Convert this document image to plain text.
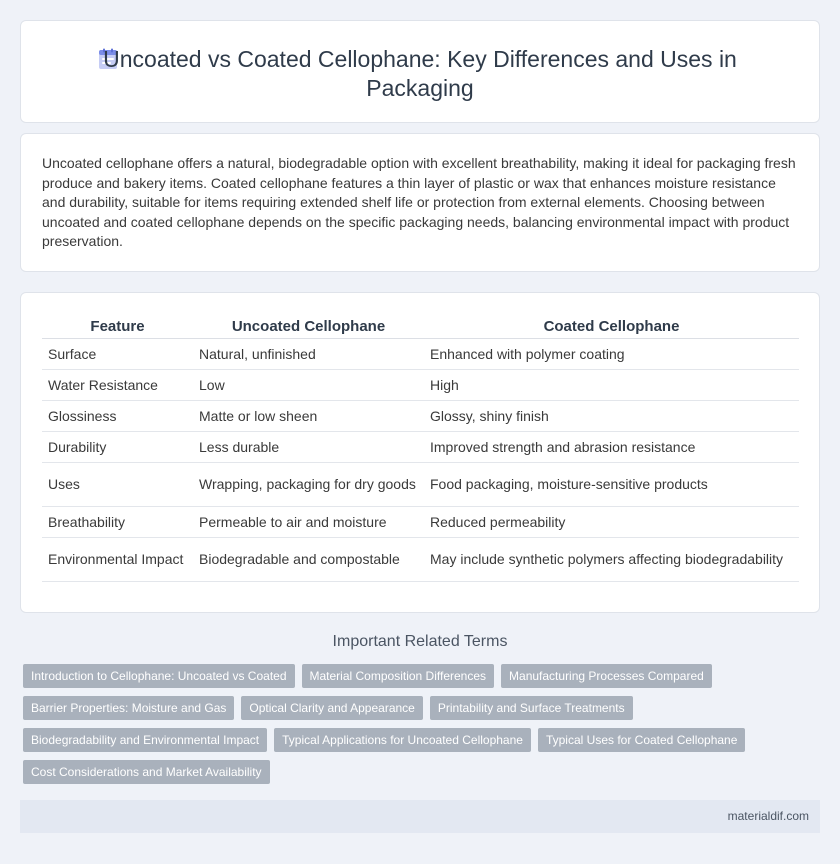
Uncoated vs Coated Cellophane: Key Differences and Uses in Packaging

Uncoated cellophane offers a natural, biodegradable option with excellent breathability, making it ideal for packaging fresh produce and bakery items. Coated cellophane features a thin layer of plastic or wax that enhances moisture resistance and durability, suitable for items requiring extended shelf life or protection from external elements. Choosing between uncoated and coated cellophane depends on the specific packaging needs, balancing environmental impact with product preservation.

Feature	Uncoated Cellophane	Coated Cellophane
Surface	Natural, unfinished	Enhanced with polymer coating
Water Resistance	Low	High
Glossiness	Matte or low sheen	Glossy, shiny finish
Durability	Less durable	Improved strength and abrasion resistance
Uses	Wrapping, packaging for dry goods	Food packaging, moisture-sensitive products
Breathability	Permeable to air and moisture	Reduced permeability
Environmental Impact	Biodegradable and compostable	May include synthetic polymers affecting biodegradability
Important Related Terms
Introduction to Cellophane: Uncoated vs Coated	Material Composition Differences	Manufacturing Processes Compared
Barrier Properties: Moisture and Gas	Optical Clarity and Appearance	Printability and Surface Treatments
Biodegradability and Environmental Impact	Typical Applications for Uncoated Cellophane	Typical Uses for Coated Cellophane
Cost Considerations and Market Availability
materialdif.com
